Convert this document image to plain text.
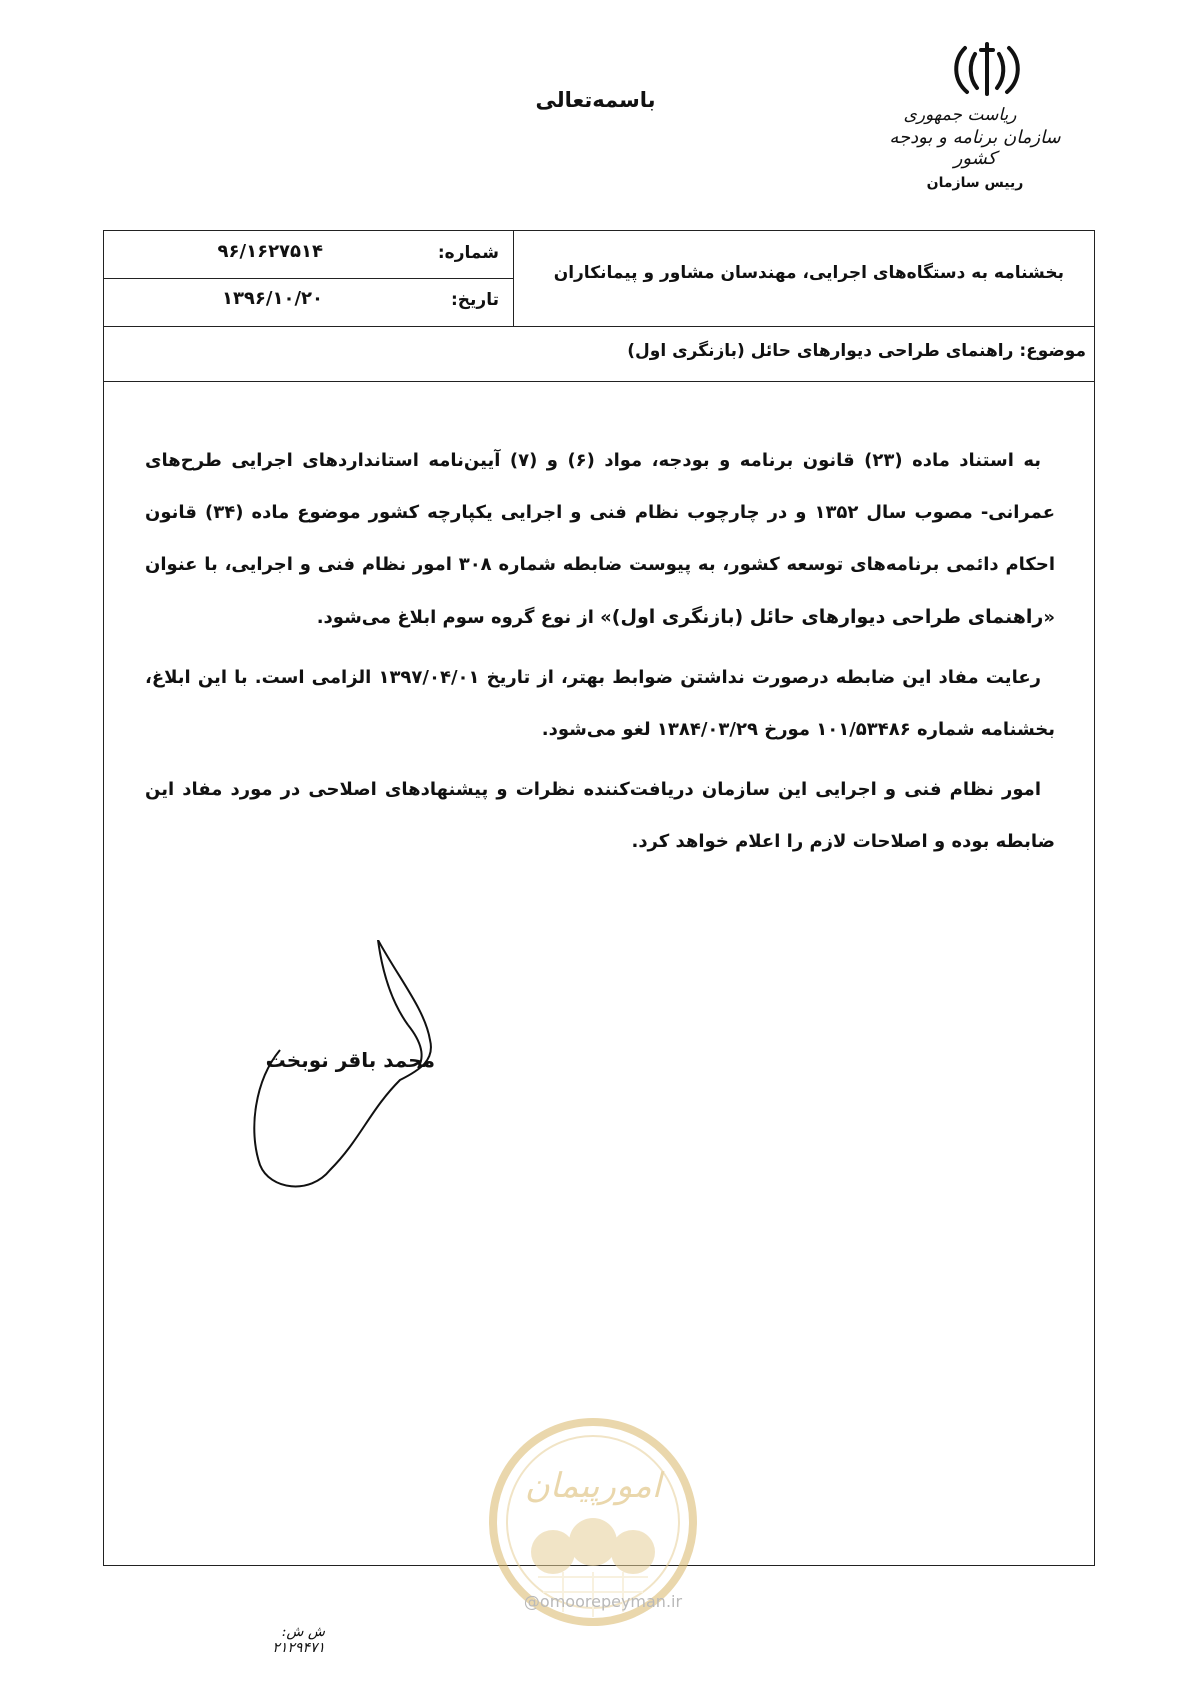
باسمه‌تعالی
ریاست جمهوری
سازمان برنامه و بودجه کشور
رییس سازمان
شماره:
۹۶/۱۶۲۷۵۱۴
تاریخ:
۱۳۹۶/۱۰/۲۰
بخشنامه به دستگاه‌های اجرایی، مهندسان مشاور و پیمانکاران
موضوع: راهنمای طراحی دیوارهای حائل (بازنگری اول)

به استناد ماده (۲۳) قانون برنامه و بودجه، مواد (۶) و (۷) آیین‌نامه استانداردهای اجرایی طرح‌های عمرانی- مصوب سال ۱۳۵۲ و در چارچوب نظام فنی و اجرایی یکپارچه کشور موضوع ماده (۳۴) قانون احکام دائمی برنامه‌های توسعه کشور، به پیوست ضابطه شماره ۳۰۸ امور نظام فنی و اجرایی، با عنوان «راهنمای طراحی دیوارهای حائل (بازنگری اول)» از نوع گروه سوم ابلاغ می‌شود.

رعایت مفاد این ضابطه درصورت نداشتن ضوابط بهتر، از تاریخ ۱۳۹۷/۰۴/۰۱ الزامی است. با این ابلاغ، بخشنامه شماره ۱۰۱/۵۳۴۸۶ مورخ ۱۳۸۴/۰۳/۲۹ لغو می‌شود.

امور نظام فنی و اجرایی این سازمان دریافت‌کننده نظرات و پیشنهادهای اصلاحی در مورد مفاد این ضابطه بوده و اصلاحات لازم را اعلام خواهد کرد.

محمد باقر نوبخت
امورپیمان
@omoorepeyman.ir
ش ش: ۲۱۲۹۴۷۱
